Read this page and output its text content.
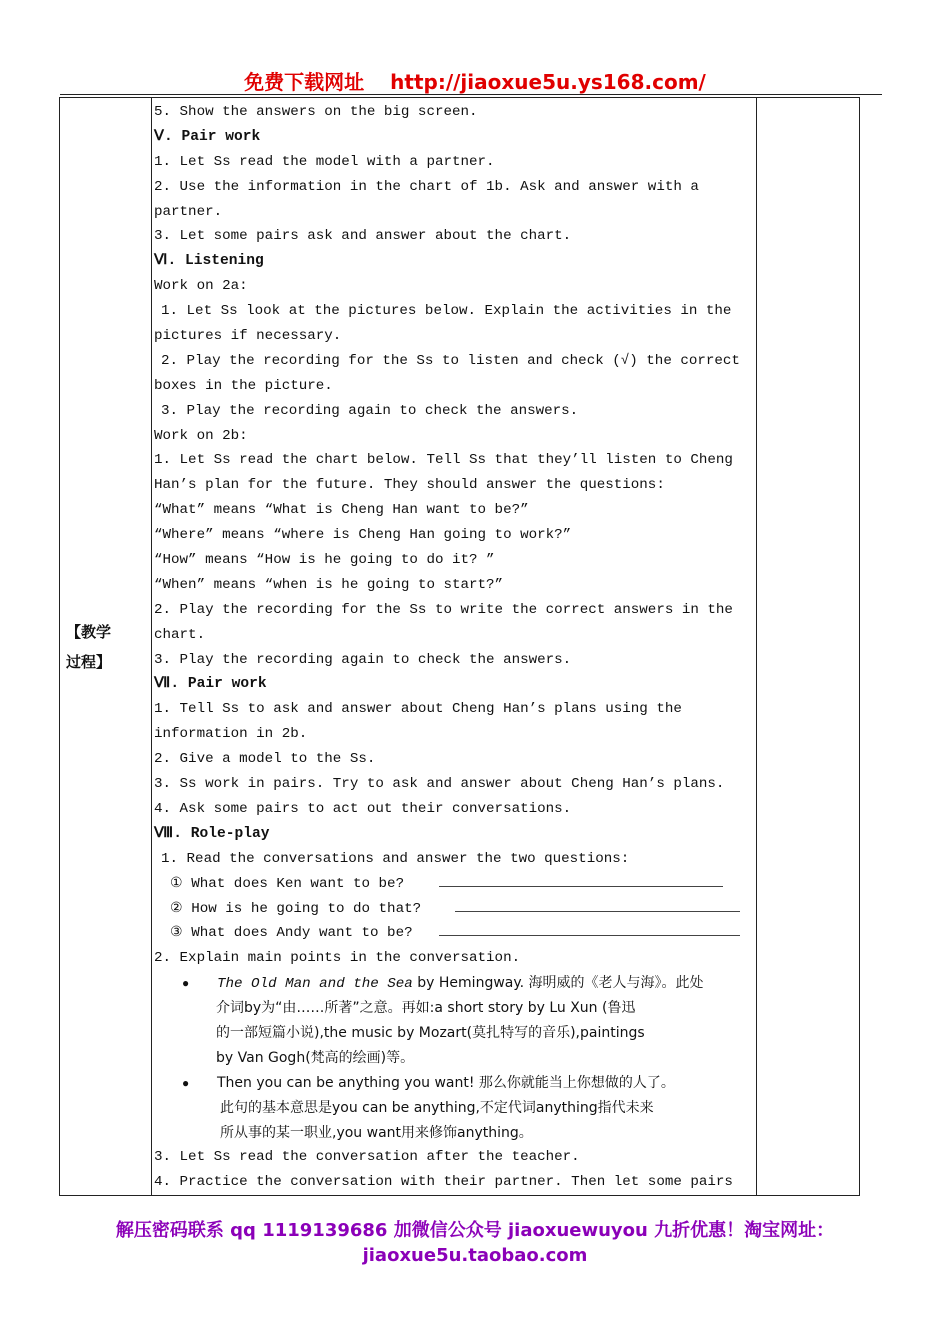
免费下载网址 http://jiaoxue5u.ys168.com/
【教学
过程】

5. Show the answers on the big screen.
Ⅴ. Pair work
1. Let Ss read the model with a partner.
2. Use the information in the chart of 1b. Ask and answer with a
partner.
3. Let some pairs ask and answer about the chart.
Ⅵ. Listening
Work on 2a:
1. Let Ss look at the pictures below. Explain the activities in the
pictures if necessary.
2. Play the recording for the Ss to listen and check (√) the correct
boxes in the picture.
3. Play the recording again to check the answers.
Work on 2b:
1. Let Ss read the chart below. Tell Ss that they’ll listen to Cheng
Han’s plan for the future. They should answer the questions:
“What” means “What is Cheng Han want to be?”
“Where” means “where is Cheng Han going to work?”
“How” means “How is he going to do it? ”
“When” means “when is he going to start?”
2. Play the recording for the Ss to write the correct answers in the
chart.
3. Play the recording again to check the answers.
Ⅶ. Pair work
1. Tell Ss to ask and answer about Cheng Han’s plans using the
information in 2b.
2. Give a model to the Ss.
3. Ss work in pairs. Try to ask and answer about Cheng Han’s plans.
4. Ask some pairs to act out their conversations.
Ⅷ. Role-play
1. Read the conversations and answer the two questions:
① What does Ken want to be?
② How is he going to do that?
③ What does Andy want to be?
2. Explain main points in the conversation.
● The Old Man and the Sea by Hemingway. 海明威的《老人与海》。此处
介词by为“由……所著”之意。再如:a short story by Lu Xun (鲁迅
的一部短篇小说),the music by Mozart(莫扎特写的音乐),paintings
by Van Gogh(梵高的绘画)等。
● Then you can be anything you want! 那么你就能当上你想做的人了。
此句的基本意思是you can be anything,不定代词anything指代未来
所从事的某一职业,you want用来修饰anything。
3. Let Ss read the conversation after the teacher.
4. Practice the conversation with their partner. Then let some pairs

解压密码联系 qq 1119139686 加微信公众号 jiaoxuewuyou 九折优惠！淘宝网址：
jiaoxue5u.taobao.com
